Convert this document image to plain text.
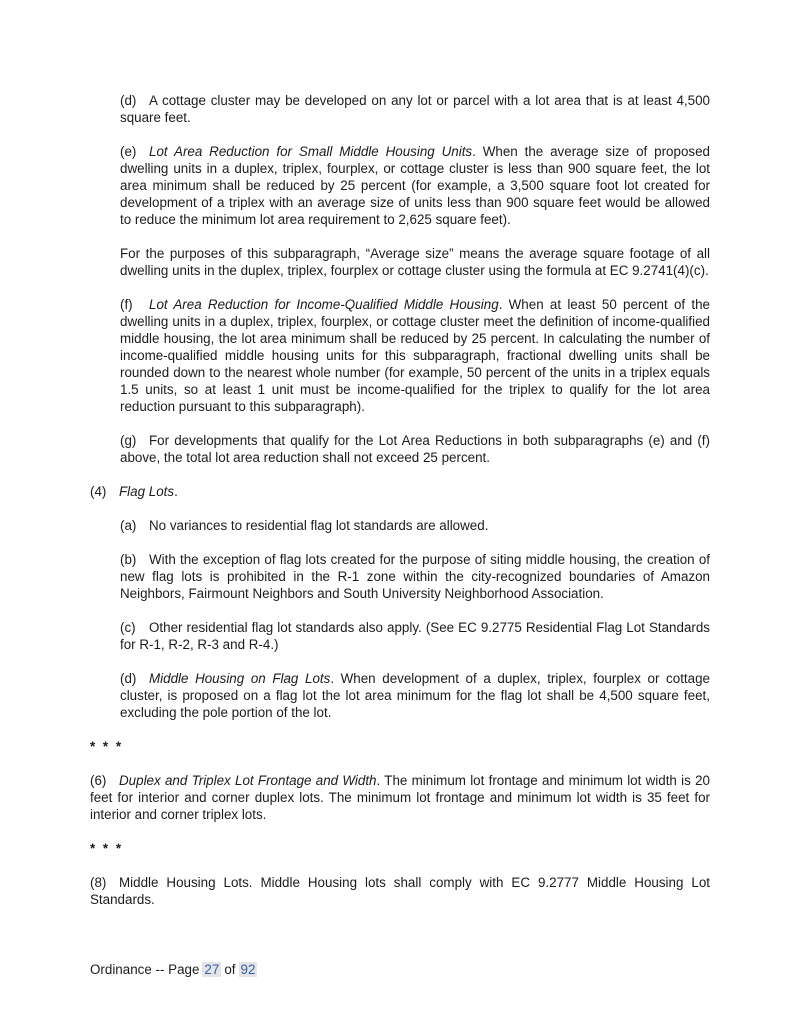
(d) A cottage cluster may be developed on any lot or parcel with a lot area that is at least 4,500 square feet.

(e) Lot Area Reduction for Small Middle Housing Units. When the average size of proposed dwelling units in a duplex, triplex, fourplex, or cottage cluster is less than 900 square feet, the lot area minimum shall be reduced by 25 percent (for example, a 3,500 square foot lot created for development of a triplex with an average size of units less than 900 square feet would be allowed to reduce the minimum lot area requirement to 2,625 square feet).

For the purposes of this subparagraph, “Average size” means the average square footage of all dwelling units in the duplex, triplex, fourplex or cottage cluster using the formula at EC 9.2741(4)(c).

(f) Lot Area Reduction for Income-Qualified Middle Housing. When at least 50 percent of the dwelling units in a duplex, triplex, fourplex, or cottage cluster meet the definition of income-qualified middle housing, the lot area minimum shall be reduced by 25 percent. In calculating the number of income-qualified middle housing units for this subparagraph, fractional dwelling units shall be rounded down to the nearest whole number (for example, 50 percent of the units in a triplex equals 1.5 units, so at least 1 unit must be income-qualified for the triplex to qualify for the lot area reduction pursuant to this subparagraph).

(g) For developments that qualify for the Lot Area Reductions in both subparagraphs (e) and (f) above, the total lot area reduction shall not exceed 25 percent.

(4) Flag Lots.

(a) No variances to residential flag lot standards are allowed.

(b) With the exception of flag lots created for the purpose of siting middle housing, the creation of new flag lots is prohibited in the R-1 zone within the city-recognized boundaries of Amazon Neighbors, Fairmount Neighbors and South University Neighborhood Association.

(c) Other residential flag lot standards also apply. (See EC 9.2775 Residential Flag Lot Standards for R-1, R-2, R-3 and R-4.)

(d) Middle Housing on Flag Lots. When development of a duplex, triplex, fourplex or cottage cluster, is proposed on a flag lot the lot area minimum for the flag lot shall be 4,500 square feet, excluding the pole portion of the lot.

* * *

(6) Duplex and Triplex Lot Frontage and Width. The minimum lot frontage and minimum lot width is 20 feet for interior and corner duplex lots. The minimum lot frontage and minimum lot width is 35 feet for interior and corner triplex lots.

* * *

(8) Middle Housing Lots. Middle Housing lots shall comply with EC 9.2777 Middle Housing Lot Standards.

Ordinance -- Page 27 of 92
